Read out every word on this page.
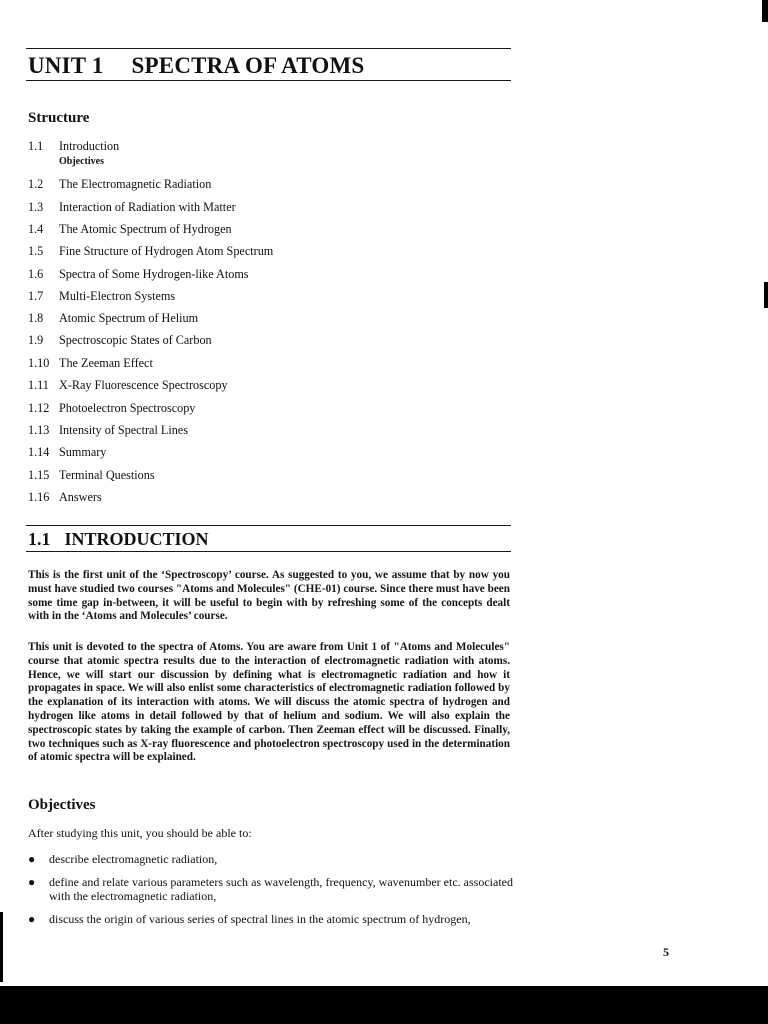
UNIT 1 SPECTRA OF ATOMS
Structure
1.1	Introduction
Objectives
1.2	The Electromagnetic Radiation
1.3	Interaction of Radiation with Matter
1.4	The Atomic Spectrum of Hydrogen
1.5	Fine Structure of Hydrogen Atom Spectrum
1.6	Spectra of Some Hydrogen-like Atoms
1.7	Multi-Electron Systems
1.8	Atomic Spectrum of Helium
1.9	Spectroscopic States of Carbon
1.10 The Zeeman Effect
1.11 X-Ray Fluorescence Spectroscopy
1.12 Photoelectron Spectroscopy
1.13 Intensity of Spectral Lines
1.14 Summary
1.15 Terminal Questions
1.16 Answers
1.1 INTRODUCTION

This is the first unit of the ‘Spectroscopy’ course. As suggested to you, we assume that by now you must have studied two courses "Atoms and Molecules" (CHE-01) course. Since there must have been some time gap in-between, it will be useful to begin with by refreshing some of the concepts dealt with in the ‘Atoms and Molecules’ course.

This unit is devoted to the spectra of Atoms. You are aware from Unit 1 of "Atoms and Molecules" course that atomic spectra results due to the interaction of electromagnetic radiation with atoms. Hence, we will start our discussion by defining what is electromagnetic radiation and how it propagates in space. We will also enlist some characteristics of electromagnetic radiation followed by the explanation of its interaction with atoms. We will discuss the atomic spectra of hydrogen and hydrogen like atoms in detail followed by that of helium and sodium. We will also explain the spectroscopic states by taking the example of carbon. Then Zeeman effect will be discussed. Finally, two techniques such as X-ray fluorescence and photoelectron spectroscopy used in the determination of atomic spectra will be explained.

Objectives

After studying this unit, you should be able to:

● describe electromagnetic radiation,
● define and relate various parameters such as wavelength, frequency, wavenumber etc. associated with the electromagnetic radiation,
● discuss the origin of various series of spectral lines in the atomic spectrum of hydrogen,
5
